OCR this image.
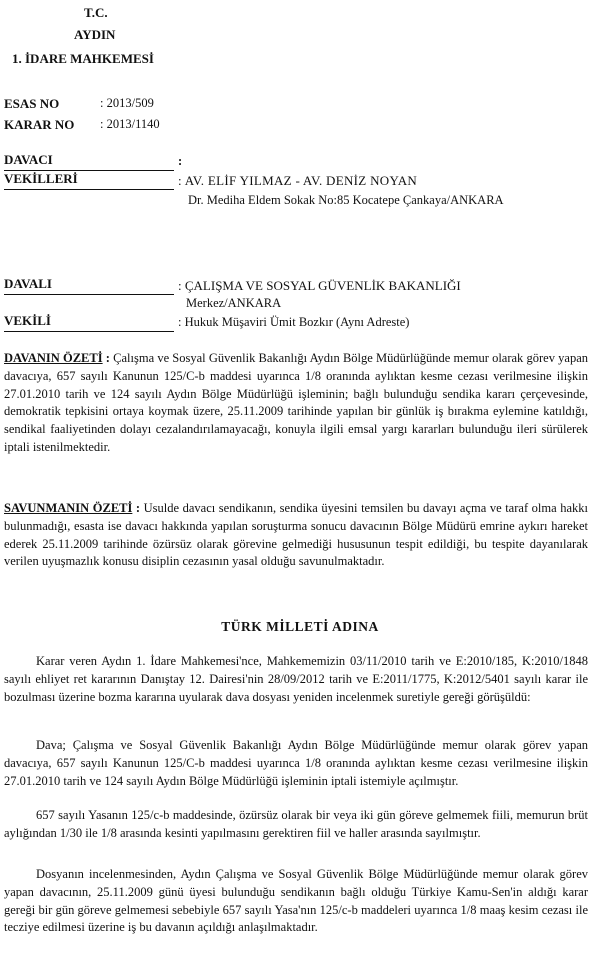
T.C.
AYDIN
1. İDARE MAHKEMESİ
ESAS NO	: 2013/509
KARAR NO	: 2013/1140
DAVACI	:
VEKİLLERİ	: AV. ELİF YILMAZ - AV. DENİZ NOYAN
Dr. Mediha Eldem Sokak No:85 Kocatepe Çankaya/ANKARA
DAVALI	: ÇALIŞMA VE SOSYAL GÜVENLİK BAKANLIĞI
Merkez/ANKARA
VEKİLİ	: Hukuk Müşaviri Ümit Bozkır (Aynı Adreste)
DAVANIN ÖZETİ : Çalışma ve Sosyal Güvenlik Bakanlığı Aydın Bölge Müdürlüğünde memur olarak görev yapan davacıya, 657 sayılı Kanunun 125/C-b maddesi uyarınca 1/8 oranında aylıktan kesme cezası verilmesine ilişkin 27.01.2010 tarih ve 124 sayılı Aydın Bölge Müdürlüğü işleminin; bağlı bulunduğu sendika kararı çerçevesinde, demokratik tepkisini ortaya koymak üzere, 25.11.2009 tarihinde yapılan bir günlük iş bırakma eylemine katıldığı, sendikal faaliyetinden dolayı cezalandırılamayacağı, konuyla ilgili emsal yargı kararları bulunduğu ileri sürülerek iptali istenilmektedir.
SAVUNMANIN ÖZETİ : Usulde davacı sendikanın, sendika üyesini temsilen bu davayı açma ve taraf olma hakkı bulunmadığı, esasta ise davacı hakkında yapılan soruşturma sonucu davacının Bölge Müdürü emrine aykırı hareket ederek 25.11.2009 tarihinde özürsüz olarak görevine gelmediği hususunun tespit edildiği, bu tespite dayanılarak verilen uyuşmazlık konusu disiplin cezasının yasal olduğu savunulmaktadır.
TÜRK MİLLETİ ADINA
Karar veren Aydın 1. İdare Mahkemesi'nce, Mahkememizin 03/11/2010 tarih ve E:2010/185, K:2010/1848 sayılı ehliyet ret kararının Danıştay 12. Dairesi'nin 28/09/2012 tarih ve E:2011/1775, K:2012/5401 sayılı karar ile bozulması üzerine bozma kararına uyularak dava dosyası yeniden incelenmek suretiyle gereği görüşüldü:
Dava; Çalışma ve Sosyal Güvenlik Bakanlığı Aydın Bölge Müdürlüğünde memur olarak görev yapan davacıya, 657 sayılı Kanunun 125/C-b maddesi uyarınca 1/8 oranında aylıktan kesme cezası verilmesine ilişkin 27.01.2010 tarih ve 124 sayılı Aydın Bölge Müdürlüğü işleminin iptali istemiyle açılmıştır.
657 sayılı Yasanın 125/c-b maddesinde, özürsüz olarak bir veya iki gün göreve gelmemek fiili, memurun brüt aylığından 1/30 ile 1/8 arasında kesinti yapılmasını gerektiren fiil ve haller arasında sayılmıştır.
Dosyanın incelenmesinden, Aydın Çalışma ve Sosyal Güvenlik Bölge Müdürlüğünde memur olarak görev yapan davacının, 25.11.2009 günü üyesi bulunduğu sendikanın bağlı olduğu Türkiye Kamu-Sen'in aldığı karar gereği bir gün göreve gelmemesi sebebiyle 657 sayılı Yasa'nın 125/c-b maddeleri uyarınca 1/8 maaş kesim cezası ile tecziye edilmesi üzerine iş bu davanın açıldığı anlaşılmaktadır.
